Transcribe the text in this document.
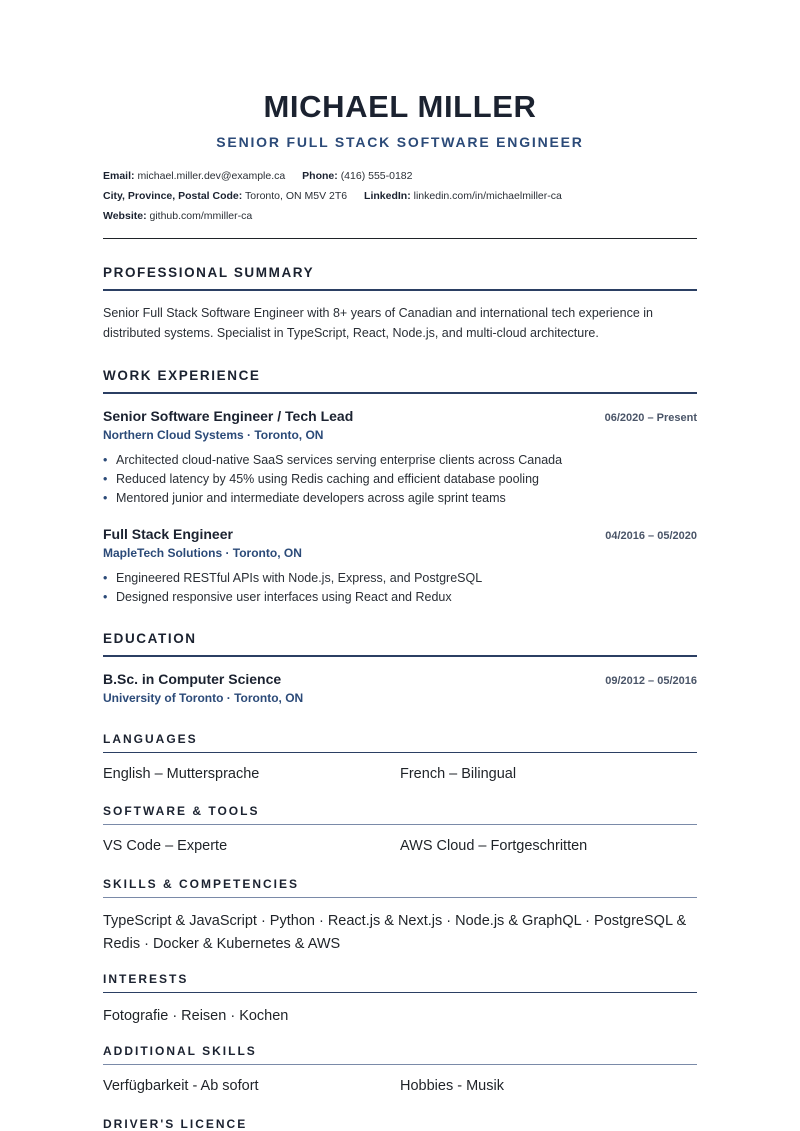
MICHAEL MILLER
SENIOR FULL STACK SOFTWARE ENGINEER
Email: michael.miller.dev@example.ca Phone: (416) 555-0182
City, Province, Postal Code: Toronto, ON M5V 2T6 LinkedIn: linkedin.com/in/michaelmiller-ca
Website: github.com/mmiller-ca
PROFESSIONAL SUMMARY
Senior Full Stack Software Engineer with 8+ years of Canadian and international tech experience in distributed systems. Specialist in TypeScript, React, Node.js, and multi-cloud architecture.
WORK EXPERIENCE
Senior Software Engineer / Tech Lead	06/2020 – Present
Northern Cloud Systems · Toronto, ON
• Architected cloud-native SaaS services serving enterprise clients across Canada
• Reduced latency by 45% using Redis caching and efficient database pooling
• Mentored junior and intermediate developers across agile sprint teams
Full Stack Engineer	04/2016 – 05/2020
MapleTech Solutions · Toronto, ON
• Engineered RESTful APIs with Node.js, Express, and PostgreSQL
• Designed responsive user interfaces using React and Redux
EDUCATION
B.Sc. in Computer Science	09/2012 – 05/2016
University of Toronto · Toronto, ON
LANGUAGES
English – Muttersprache	French – Bilingual
SOFTWARE & TOOLS
VS Code – Experte	AWS Cloud – Fortgeschritten
SKILLS & COMPETENCIES
TypeScript & JavaScript · Python · React.js & Next.js · Node.js & GraphQL · PostgreSQL & Redis · Docker & Kubernetes & AWS
INTERESTS
Fotografie · Reisen · Kochen
ADDITIONAL SKILLS
Verfügbarkeit - Ab sofort	Hobbies - Musik
DRIVER'S LICENCE
